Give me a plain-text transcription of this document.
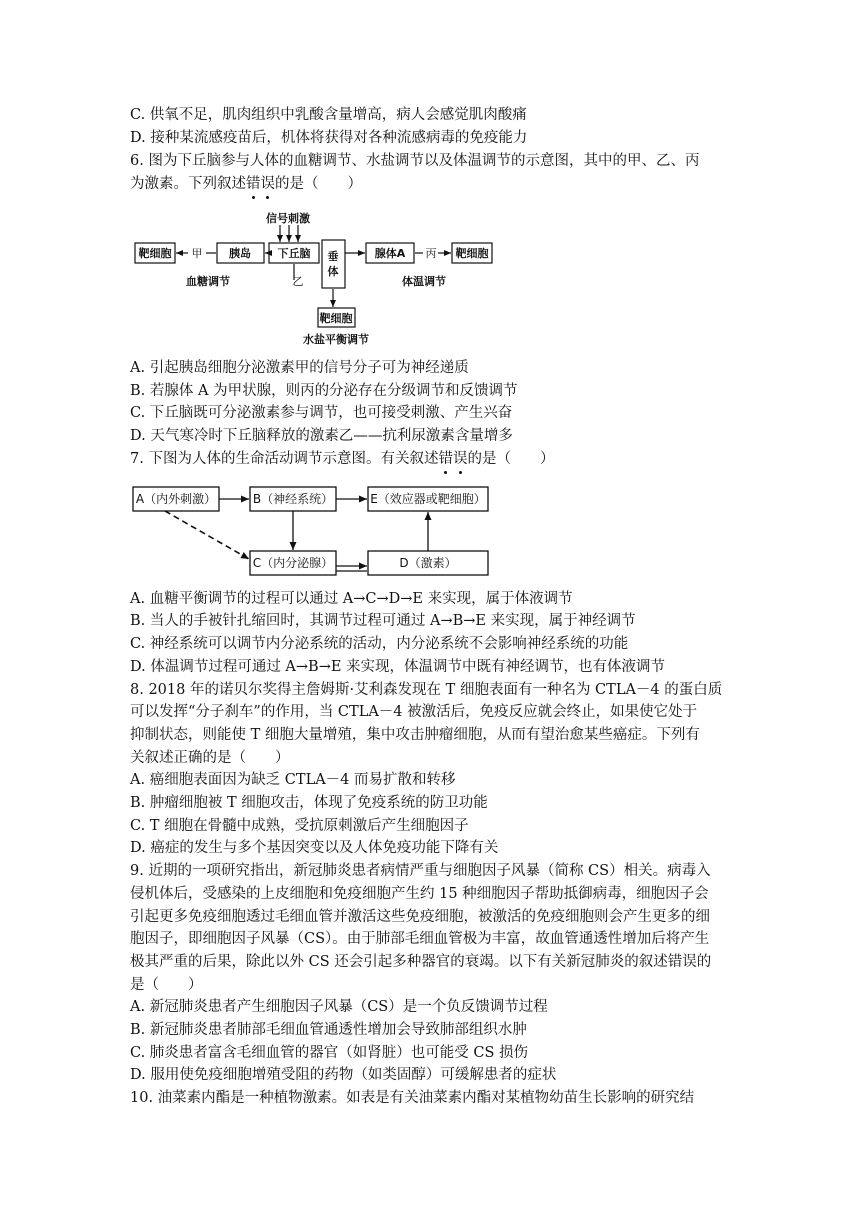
C. 供氧不足，肌肉组织中乳酸含量增高，病人会感觉肌肉酸痛
D. 接种某流感疫苗后，机体将获得对各种流感病毒的免疫能力
6. 图为下丘脑参与人体的血糖调节、水盐调节以及体温调节的示意图，其中的甲、乙、丙
为激素。下列叙述错误的是（　　）
信号刺激
靶细胞 甲 胰岛 下丘脑 垂
体
腺体A 丙 靶细胞
血糖调节	乙	体温调节
靶细胞
水盐平衡调节
A. 引起胰岛细胞分泌激素甲的信号分子可为神经递质
B. 若腺体 A 为甲状腺，则丙的分泌存在分级调节和反馈调节
C. 下丘脑既可分泌激素参与调节，也可接受刺激、产生兴奋
D. 天气寒冷时下丘脑释放的激素乙——抗利尿激素含量增多
7. 下图为人体的生命活动调节示意图。有关叙述错误的是（　　）
A（内外刺激）	B（神经系统）	E（效应器或靶细胞）
C（内分泌腺）	D（激素）
A. 血糖平衡调节的过程可以通过 A→C→D→E 来实现，属于体液调节
B. 当人的手被针扎缩回时，其调节过程可通过 A→B→E 来实现，属于神经调节
C. 神经系统可以调节内分泌系统的活动，内分泌系统不会影响神经系统的功能
D. 体温调节过程可通过 A→B→E 来实现，体温调节中既有神经调节，也有体液调节
8. 2018 年的诺贝尔奖得主詹姆斯·艾利森发现在 T 细胞表面有一种名为 CTLA－4 的蛋白质
可以发挥“分子刹车”的作用，当 CTLA－4 被激活后，免疫反应就会终止，如果使它处于
抑制状态，则能使 T 细胞大量增殖，集中攻击肿瘤细胞，从而有望治愈某些癌症。下列有
关叙述正确的是（　　）
A. 癌细胞表面因为缺乏 CTLA－4 而易扩散和转移
B. 肿瘤细胞被 T 细胞攻击，体现了免疫系统的防卫功能
C. T 细胞在骨髓中成熟，受抗原刺激后产生细胞因子
D. 癌症的发生与多个基因突变以及人体免疫功能下降有关
9. 近期的一项研究指出，新冠肺炎患者病情严重与细胞因子风暴（简称 CS）相关。病毒入
侵机体后，受感染的上皮细胞和免疫细胞产生约 15 种细胞因子帮助抵御病毒，细胞因子会
引起更多免疫细胞透过毛细血管并激活这些免疫细胞，被激活的免疫细胞则会产生更多的细
胞因子，即细胞因子风暴（CS）。由于肺部毛细血管极为丰富，故血管通透性增加后将产生
极其严重的后果，除此以外 CS 还会引起多种器官的衰竭。以下有关新冠肺炎的叙述错误的
是（　　）
A. 新冠肺炎患者产生细胞因子风暴（CS）是一个负反馈调节过程
B. 新冠肺炎患者肺部毛细血管通透性增加会导致肺部组织水肿
C. 肺炎患者富含毛细血管的器官（如肾脏）也可能受 CS 损伤
D. 服用使免疫细胞增殖受阻的药物（如类固醇）可缓解患者的症状
10. 油菜素内酯是一种植物激素。如表是有关油菜素内酯对某植物幼苗生长影响的研究结
